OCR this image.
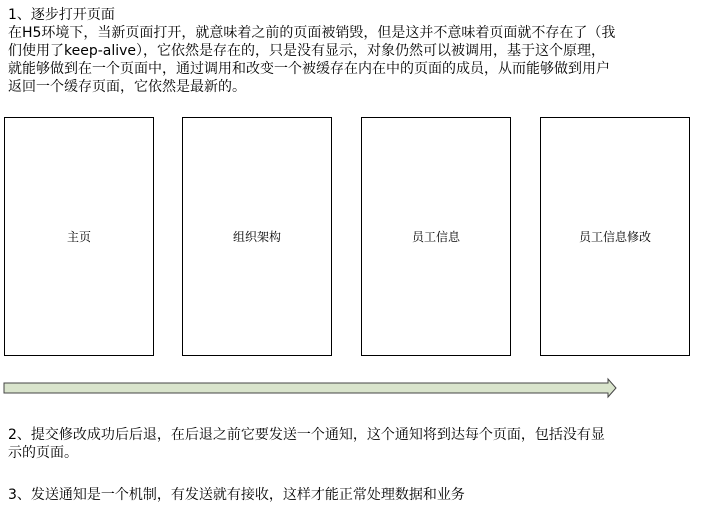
1、逐步打开页面
在H5环境下，当新页面打开，就意味着之前的页面被销毁，但是这并不意味着页面就不存在了（我
们使用了keep-alive），它依然是存在的，只是没有显示，对象仍然可以被调用，基于这个原理，
就能够做到在一个页面中，通过调用和改变一个被缓存在内在中的页面的成员，从而能够做到用户
返回一个缓存页面，它依然是最新的。
主页	组织架构	员工信息	员工信息修改
2、提交修改成功后后退，在后退之前它要发送一个通知，这个通知将到达每个页面，包括没有显
示的页面。
3、发送通知是一个机制，有发送就有接收，这样才能正常处理数据和业务
